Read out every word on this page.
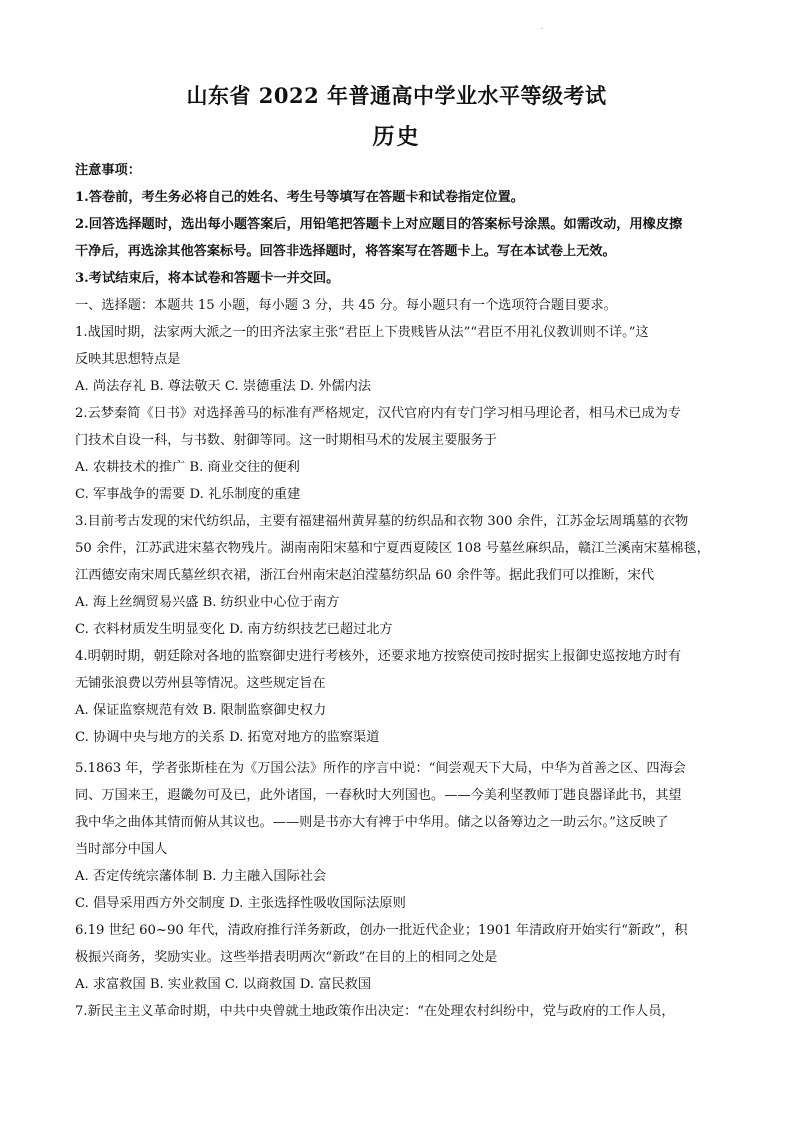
.
山东省 2022 年普通高中学业水平等级考试
历史
注意事项：
1.答卷前，考生务必将自己的姓名、考生号等填写在答题卡和试卷指定位置。
2.回答选择题时，选出每小题答案后，用铅笔把答题卡上对应题目的答案标号涂黑。如需改动，用橡皮擦
干净后，再选涂其他答案标号。回答非选择题时，将答案写在答题卡上。写在本试卷上无效。
3.考试结束后，将本试卷和答题卡一并交回。
一、选择题：本题共 15 小题，每小题 3 分，共 45 分。每小题只有一个选项符合题目要求。
1.战国时期，法家两大派之一的田齐法家主张“君臣上下贵贱皆从法”“君臣不用礼仪教训则不详。”这
反映其思想特点是
A. 尚法存礼 B. 尊法敬天 C. 崇德重法 D. 外儒内法
2.云梦秦简《日书》对选择善马的标准有严格规定，汉代官府内有专门学习相马理论者，相马术已成为专
门技术自设一科，与书数、射御等同。这一时期相马术的发展主要服务于
A. 农耕技术的推广 B. 商业交往的便利
C. 军事战争的需要 D. 礼乐制度的重建
3.目前考古发现的宋代纺织品，主要有福建福州黄昇墓的纺织品和衣物 300 余件，江苏金坛周瑀墓的衣物
50 余件，江苏武进宋墓衣物残片。湖南南阳宋墓和宁夏西夏陵区 108 号墓丝麻织品，赣江兰溪南宋墓棉毯，
江西德安南宋周氏墓丝织衣裙，浙江台州南宋赵泊滢墓纺织品 60 余件等。据此我们可以推断，宋代
A. 海上丝绸贸易兴盛 B. 纺织业中心位于南方
C. 衣料材质发生明显变化 D. 南方纺织技艺已超过北方
4.明朝时期，朝廷除对各地的监察御史进行考核外，还要求地方按察使司按时据实上报御史巡按地方时有
无铺张浪费以劳州县等情况。这些规定旨在
A. 保证监察规范有效 B. 限制监察御史权力
C. 协调中央与地方的关系 D. 拓宽对地方的监察渠道
5.1863 年，学者张斯桂在为《万国公法》所作的序言中说：“间尝观天下大局，中华为首善之区、四海会
同、万国来王，遐畿勿可及已，此外诸国，一春秋时大列国也。——今美利坚教师丁韪良器译此书，其望
我中华之曲体其情而俯从其议也。——则是书亦大有裨于中华用。储之以备筹边之一助云尔。”这反映了
当时部分中国人
A. 否定传统宗藩体制 B. 力主融入国际社会
C. 倡导采用西方外交制度 D. 主张选择性吸收国际法原则
6.19 世纪 60~90 年代，清政府推行洋务新政，创办一批近代企业；1901 年清政府开始实行“新政”，积
极振兴商务，奖励实业。这些举措表明两次“新政”在目的上的相同之处是
A. 求富救国 B. 实业救国 C. 以商救国 D. 富民救国
7.新民主主义革命时期，中共中央曾就土地政策作出决定：“在处理农村纠纷中，党与政府的工作人员，
